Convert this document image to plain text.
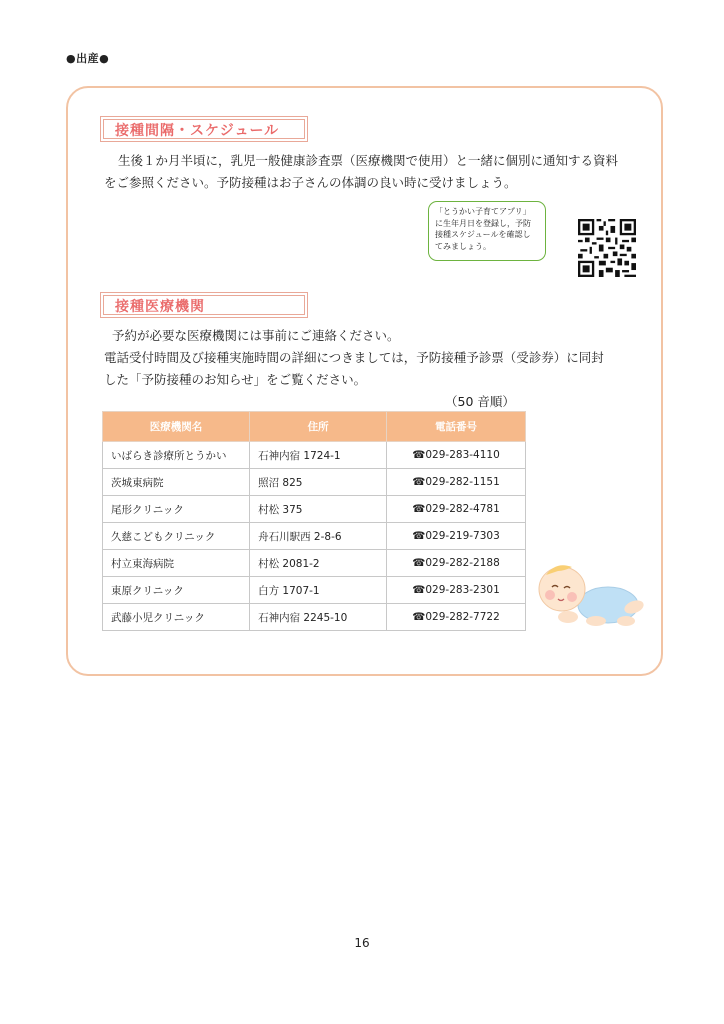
●出産●
接種間隔・スケジュール
生後１か月半頃に，乳児一般健康診査票（医療機関で使用）と一緒に個別に通知する資料
をご参照ください。予防接種はお子さんの体調の良い時に受けましょう。
「とうかい子育てアプリ」
に生年月日を登録し，予防
接種スケジュールを確認し
てみましょう。
接種医療機関
予約が必要な医療機関には事前にご連絡ください。
電話受付時間及び接種実施時間の詳細につきましては，予防接種予診票（受診券）に同封
した「予防接種のお知らせ」をご覧ください。
（50 音順）
医療機関名	住所	電話番号
いばらき診療所とうかい	石神内宿 1724-1	☎029-283-4110
茨城東病院	照沼 825	☎029-282-1151
尾形クリニック	村松 375	☎029-282-4781
久慈こどもクリニック	舟石川駅西 2-8-6	☎029-219-7303
村立東海病院	村松 2081-2	☎029-282-2188
東原クリニック	白方 1707-1	☎029-283-2301
武藤小児クリニック	石神内宿 2245-10	☎029-282-7722
16
